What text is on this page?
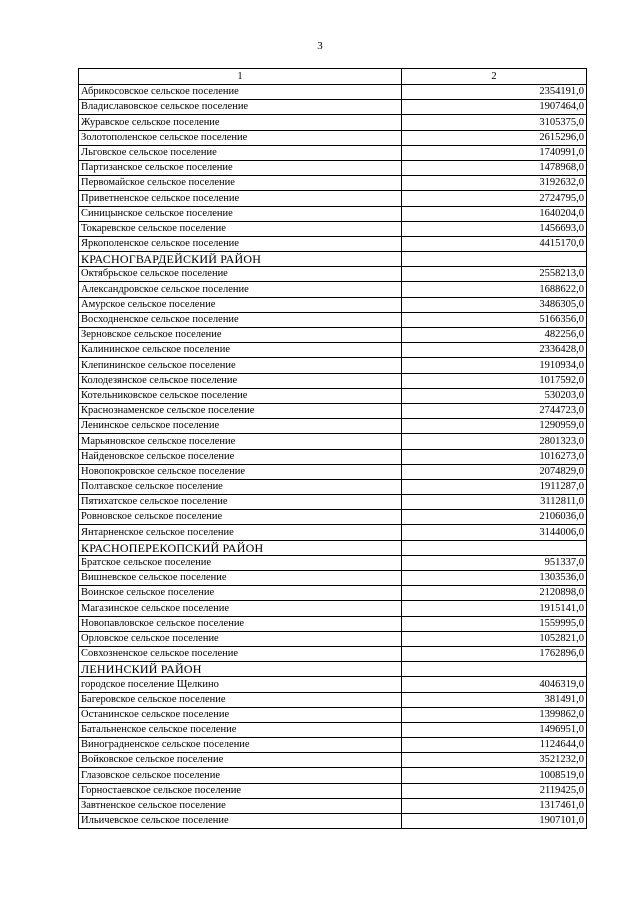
3
1	2
Абрикосовское сельское поселение	2354191,0
Владиславовское сельское поселение	1907464,0
Журавское сельское поселение	3105375,0
Золотополенское сельское поселение	2615296,0
Льговское сельское поселение	1740991,0
Партизанское сельское поселение	1478968,0
Первомайское сельское поселение	3192632,0
Приветненское сельское поселение	2724795,0
Синицынское сельское поселение	1640204,0
Токаревское сельское поселение	1456693,0
Яркополенское сельское поселение	4415170,0
КРАСНОГВАРДЕЙСКИЙ РАЙОН	
Октябрьское сельское поселение	2558213,0
Александровское сельское поселение	1688622,0
Амурское сельское поселение	3486305,0
Восходненское сельское поселение	5166356,0
Зерновское сельское поселение	482256,0
Калининское сельское поселение	2336428,0
Клепининское сельское поселение	1910934,0
Колодезянское сельское поселение	1017592,0
Котельниковское сельское поселение	530203,0
Краснознаменское сельское поселение	2744723,0
Ленинское сельское поселение	1290959,0
Марьяновское сельское поселение	2801323,0
Найденовское сельское поселение	1016273,0
Новопокровское сельское поселение	2074829,0
Полтавское сельское поселение	1911287,0
Пятихатское сельское поселение	3112811,0
Ровновское сельское поселение	2106036,0
Янтарненское сельское поселение	3144006,0
КРАСНОПЕРЕКОПСКИЙ РАЙОН	
Братское сельское поселение	951337,0
Вишневское сельское поселение	1303536,0
Воинское сельское поселение	2120898,0
Магазинское сельское поселение	1915141,0
Новопавловское сельское поселение	1559995,0
Орловское сельское поселение	1052821,0
Совхозненское сельское поселение	1762896,0
ЛЕНИНСКИЙ РАЙОН	
городское поселение Щелкино	4046319,0
Багеровское сельское поселение	381491,0
Останинское сельское поселение	1399862,0
Батальненское сельское поселение	1496951,0
Виноградненское сельское поселение	1124644,0
Войковское сельское поселение	3521232,0
Глазовское сельское поселение	1008519,0
Горностаевское сельское поселение	2119425,0
Завтненское сельское поселение	1317461,0
Ильичевское сельское поселение	1907101,0
